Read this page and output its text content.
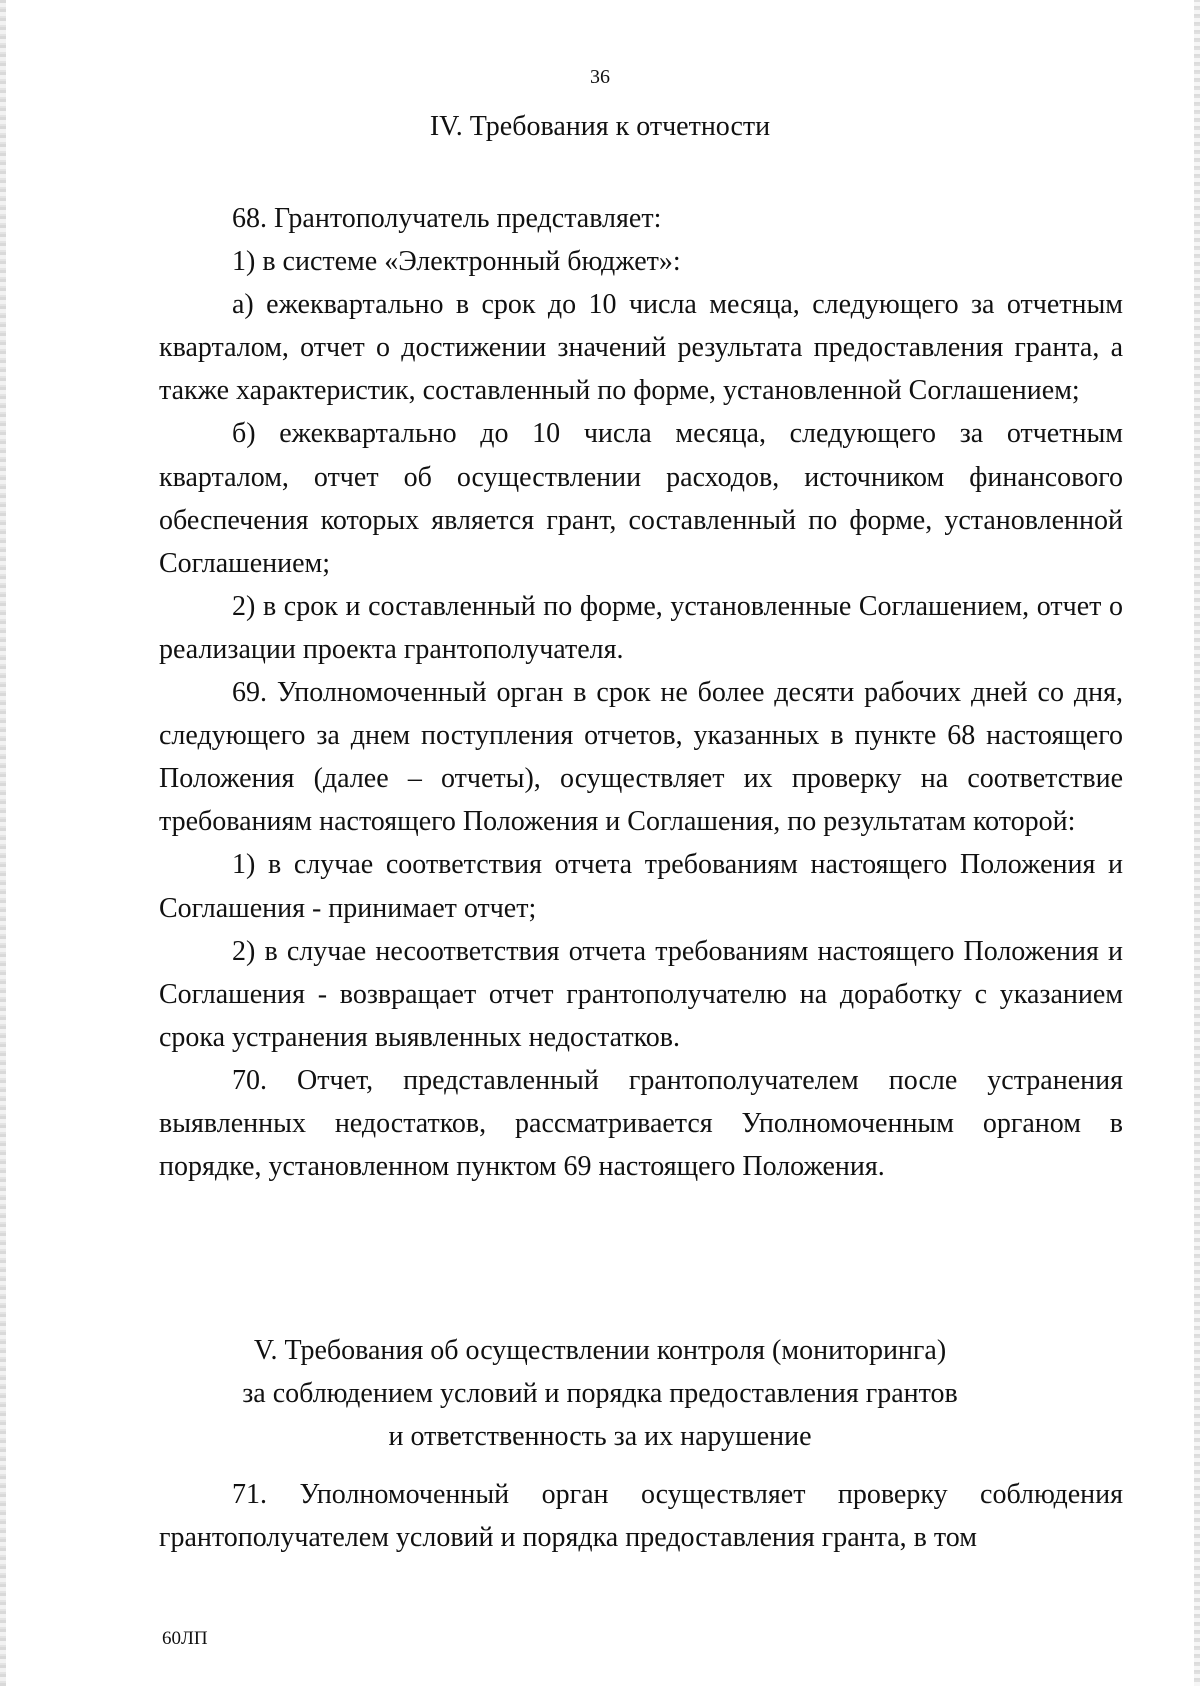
36
IV. Требования к отчетности

68. Грантополучатель представляет:

1) в системе «Электронный бюджет»:

а) ежеквартально в срок до 10 числа месяца, следующего за отчетным кварталом, отчет о достижении значений результата предоставления гранта, а также характеристик, составленный по форме, установленной Соглашением;

б) ежеквартально до 10 числа месяца, следующего за отчетным кварталом, отчет об осуществлении расходов, источником финансового обеспечения которых является грант, составленный по форме, установленной Соглашением;

2) в срок и составленный по форме, установленные Соглашением, отчет о реализации проекта грантополучателя.

69. Уполномоченный орган в срок не более десяти рабочих дней со дня, следующего за днем поступления отчетов, указанных в пункте 68 настоящего Положения (далее – отчеты), осуществляет их проверку на соответствие требованиям настоящего Положения и Соглашения, по результатам которой:

1) в случае соответствия отчета требованиям настоящего Положения и Соглашения - принимает отчет;

2) в случае несоответствия отчета требованиям настоящего Положения и Соглашения - возвращает отчет грантополучателю на доработку с указанием срока устранения выявленных недостатков.

70. Отчет, представленный грантополучателем после устранения выявленных недостатков, рассматривается Уполномоченным органом в порядке, установленном пунктом 69 настоящего Положения.

V. Требования об осуществлении контроля (мониторинга)
за соблюдением условий и порядка предоставления грантов
и ответственность за их нарушение

71. Уполномоченный орган осуществляет проверку соблюдения грантополучателем условий и порядка предоставления гранта, в том

60ЛП
